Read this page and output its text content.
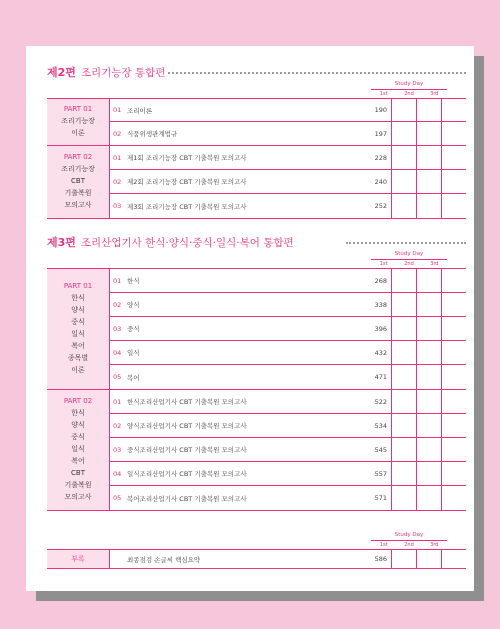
제2편 조리기능장 통합편
Study Day
1st	2nd	3rd
PART 01
조리기능장
이론
01 조리이론	190
02 식품위생관계법규	197
PART 02
조리기능장
CBT
기출복원
모의고사
01 제1회 조리기능장 CBT 기출복원 모의고사	228
02 제2회 조리기능장 CBT 기출복원 모의고사	240
03 제3회 조리기능장 CBT 기출복원 모의고사	252
제3편 조리산업기사 한식·양식·중식·일식·복어 통합편
Study Day
1st	2nd	3rd
PART 01
한식
양식
중식
일식
복어
종목별
이론
01 한식	268
02 양식	338
03 중식	396
04 일식	432
05 복어	471
PART 02
한식
양식
중식
일식
복어
CBT
기출복원
모의고사
01 한식조리산업기사 CBT 기출복원 모의고사	522
02 양식조리산업기사 CBT 기출복원 모의고사	534
03 중식조리산업기사 CBT 기출복원 모의고사	545
04 일식조리산업기사 CBT 기출복원 모의고사	557
05 복어조리산업기사 CBT 기출복원 모의고사	571
Study Day
1st	2nd	3rd
부록	최종점검 손글씨 핵심요약	586
